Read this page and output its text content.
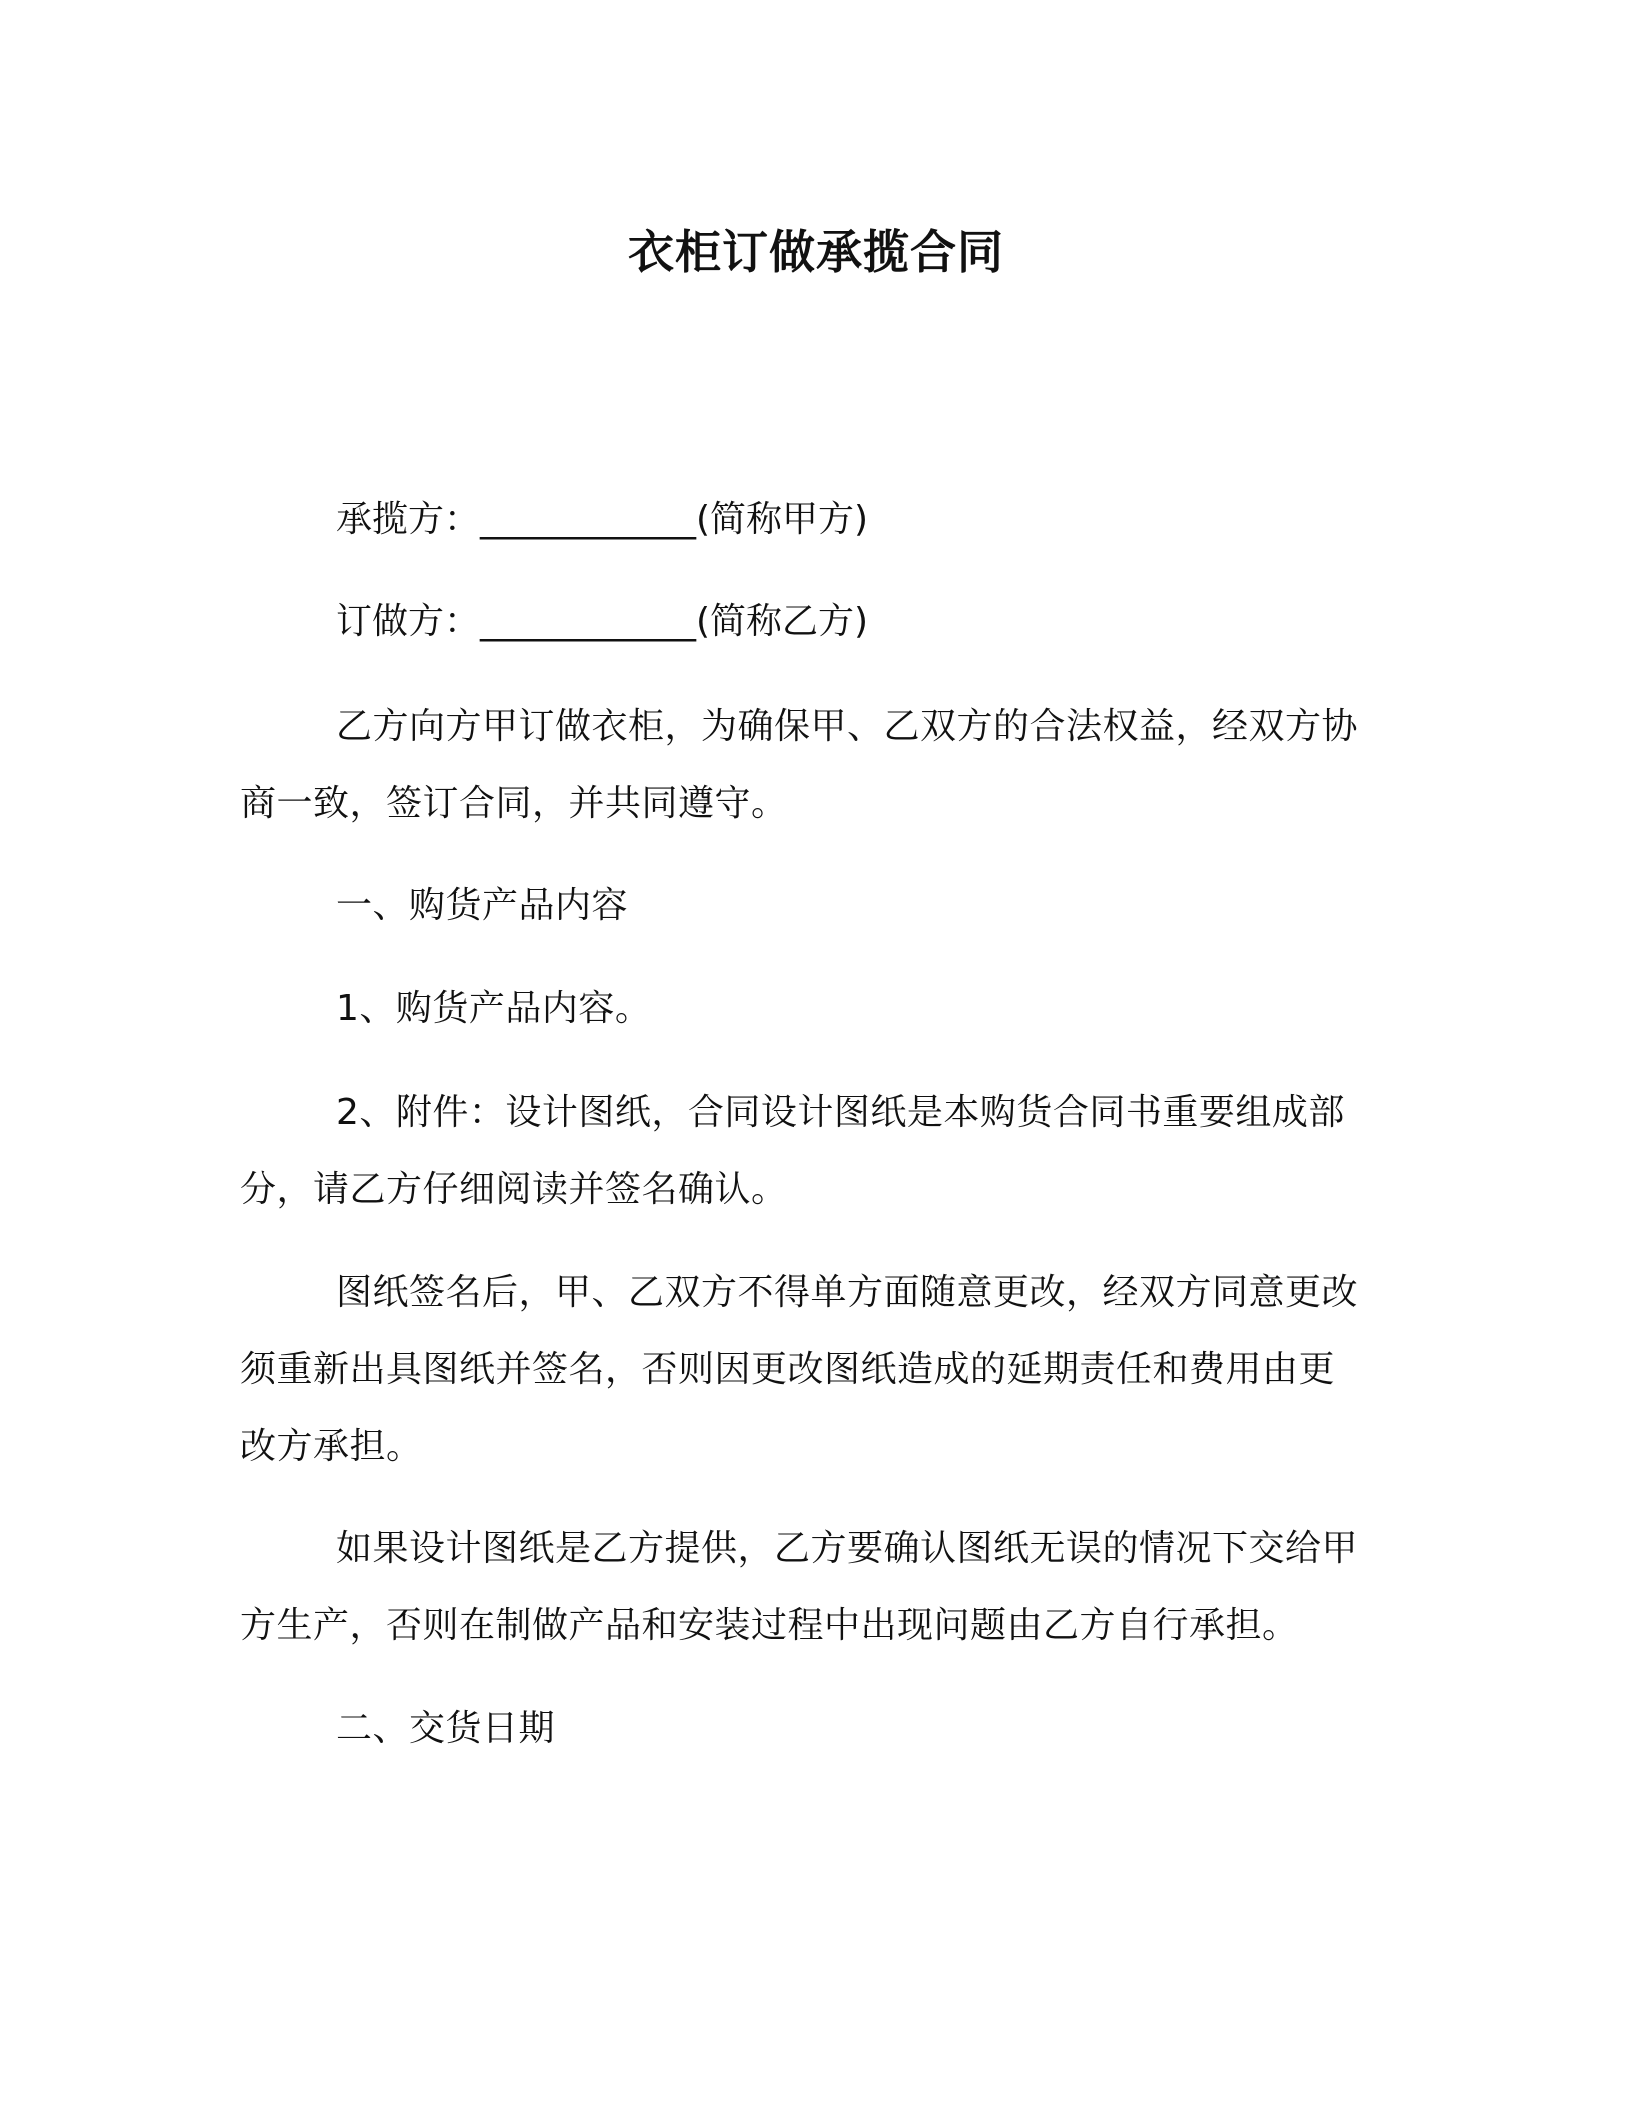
衣柜订做承揽合同
承揽方：____________(简称甲方)
订做方：____________(简称乙方)
乙方向方甲订做衣柜，为确保甲、乙双方的合法权益，经双方协
商一致，签订合同，并共同遵守。
一、购货产品内容
1、购货产品内容。
2、附件：设计图纸，合同设计图纸是本购货合同书重要组成部
分，请乙方仔细阅读并签名确认。
图纸签名后，甲、乙双方不得单方面随意更改，经双方同意更改
须重新出具图纸并签名，否则因更改图纸造成的延期责任和费用由更
改方承担。
如果设计图纸是乙方提供，乙方要确认图纸无误的情况下交给甲
方生产，否则在制做产品和安装过程中出现问题由乙方自行承担。
二、交货日期
